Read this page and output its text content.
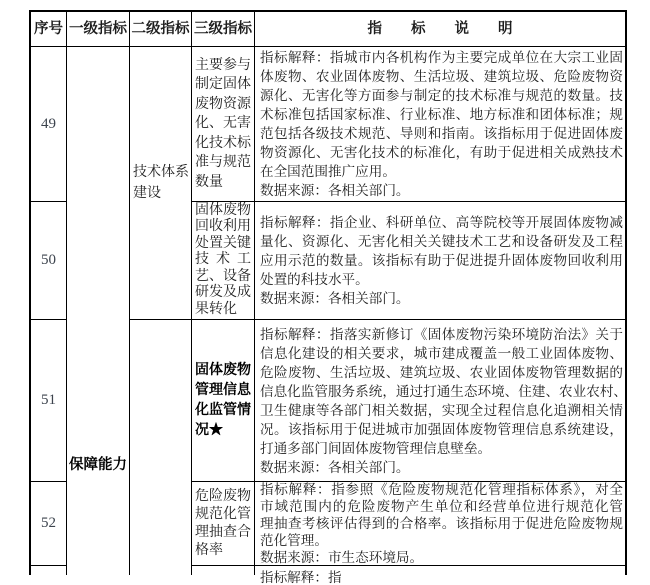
序号 一级指标 二级指标 三级指标	指　　标　　说　　明
49
50
51
52
保障能力
技术体系
建设
主要参与
制定固体
废物资源
化、无害
化技术标
准与规范
数量
固体废物
回收利用
处置关键
技术工
艺、设备
研发及成
果转化
固体废物
管理信息
化监管情
况★
危险废物
规范化管
理抽查合
格率
指标解释：指城市内各机构作为主要完成单位在大宗工业固
体废物、农业固体废物、生活垃圾、建筑垃圾、危险废物资
源化、无害化等方面参与制定的技术标准与规范的数量。技
术标准包括国家标准、行业标准、地方标准和团体标准；规
范包括各级技术规范、导则和指南。该指标用于促进固体废
物资源化、无害化技术的标准化，有助于促进相关成熟技术
在全国范围推广应用。
数据来源：各相关部门。
指标解释：指企业、科研单位、高等院校等开展固体废物减
量化、资源化、无害化相关关键技术工艺和设备研发及工程
应用示范的数量。该指标有助于促进提升固体废物回收利用
处置的科技水平。
数据来源：各相关部门。
指标解释：指落实新修订《固体废物污染环境防治法》关于
信息化建设的相关要求，城市建成覆盖一般工业固体废物、
危险废物、生活垃圾、建筑垃圾、农业固体废物管理数据的
信息化监管服务系统，通过打通生态环境、住建、农业农村、
卫生健康等各部门相关数据，实现全过程信息化追溯相关情
况。该指标用于促进城市加强固体废物管理信息系统建设，
打通多部门间固体废物管理信息壁垒。
数据来源：各相关部门。
指标解释：指参照《危险废物规范化管理指标体系》，对全
市域范围内的危险废物产生单位和经营单位进行规范化管
理抽查考核评估得到的合格率。该指标用于促进危险废物规
范化管理。
数据来源：市生态环境局。
指标解释：指
